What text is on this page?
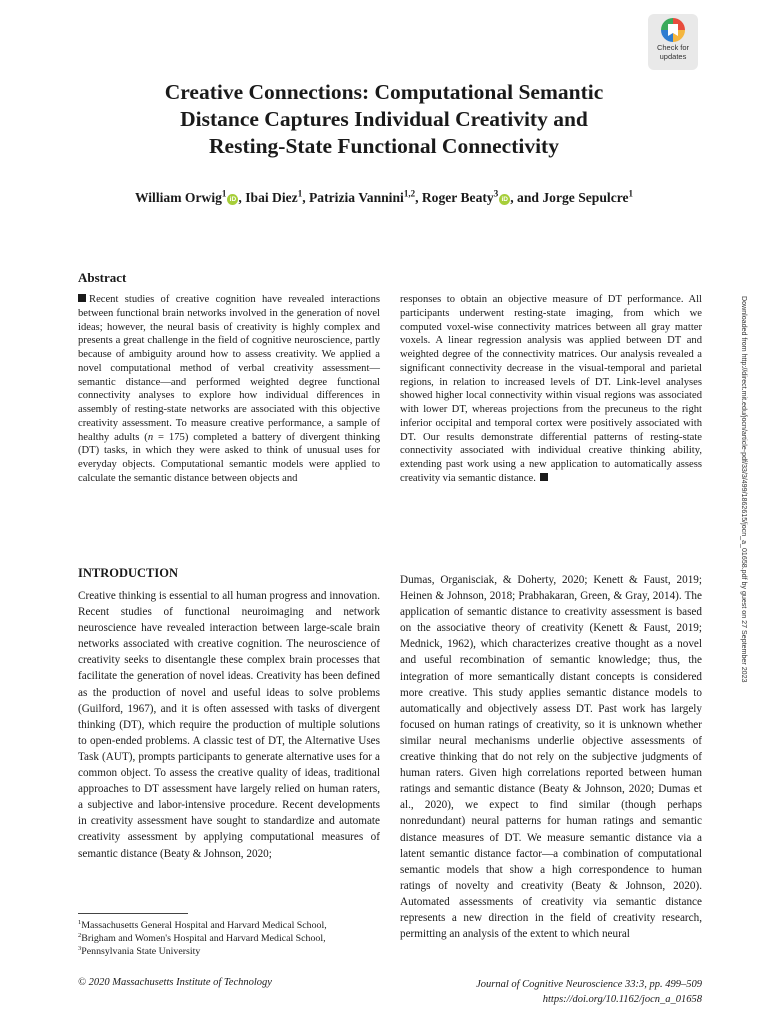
Check for
updates
Downloaded from http://direct.mit.edu/jocn/article-pdf/33/3/499/1862615/jocn_a_01658.pdf by guest on 27 September 2023
Creative Connections: Computational Semantic
Distance Captures Individual Creativity and
Resting-State Functional Connectivity
William Orwig$^1$iD , Ibai Diez$^1$, Patrizia Vannini$^{1,2}$, Roger Beaty$^3$iD , and Jorge Sepulcre$^1$
Abstract
Recent studies of creative cognition have revealed interactions between functional brain networks involved in the generation of novel ideas; however, the neural basis of creativity is highly complex and presents a great challenge in the field of cognitive neuroscience, partly because of ambiguity around how to assess creativity. We applied a novel computational method of verbal creativity assessment—semantic distance—and performed weighted degree functional connectivity analyses to explore how individual differences in assembly of resting-state networks are associated with this objective creativity assessment. To measure creative performance, a sample of healthy adults (n = 175) completed a battery of divergent thinking (DT) tasks, in which they were asked to think of unusual uses for everyday objects. Computational semantic models were applied to calculate the semantic distance between objects and
responses to obtain an objective measure of DT performance. All participants underwent resting-state imaging, from which we computed voxel-wise connectivity matrices between all gray matter voxels. A linear regression analysis was applied between DT and weighted degree of the connectivity matrices. Our analysis revealed a significant connectivity decrease in the visual-temporal and parietal regions, in relation to increased levels of DT. Link-level analyses showed higher local connectivity within visual regions was associated with lower DT, whereas projections from the precuneus to the right inferior occipital and temporal cortex were positively associated with DT. Our results demonstrate differential patterns of resting-state connectivity associated with individual creative thinking ability, extending past work using a new application to automatically assess creativity via semantic distance.
INTRODUCTION
Creative thinking is essential to all human progress and innovation. Recent studies of functional neuroimaging and network neuroscience have revealed interaction between large-scale brain networks associated with creative cognition. The neuroscience of creativity seeks to disentangle these complex brain processes that facilitate the generation of novel ideas. Creativity has been defined as the production of novel and useful ideas to solve problems (Guilford, 1967), and it is often assessed with tasks of divergent thinking (DT), which require the production of multiple solutions to open-ended problems. A classic test of DT, the Alternative Uses Task (AUT), prompts participants to generate alternative uses for a common object. To assess the creative quality of ideas, traditional approaches to DT assessment have largely relied on human raters, a subjective and labor-intensive procedure. Recent developments in creativity assessment have sought to standardize and automate creativity assessment by applying computational measures of semantic distance (Beaty & Johnson, 2020;
Dumas, Organisciak, & Doherty, 2020; Kenett & Faust, 2019; Heinen & Johnson, 2018; Prabhakaran, Green, & Gray, 2014). The application of semantic distance to creativity assessment is based on the associative theory of creativity (Kenett & Faust, 2019; Mednick, 1962), which characterizes creative thought as a novel and useful recombination of semantic knowledge; thus, the integration of more semantically distant concepts is considered more creative. This study applies semantic distance models to automatically and objectively assess DT. Past work has largely focused on human ratings of creativity, so it is unknown whether similar neural mechanisms underlie objective assessments of creative thinking that do not rely on the subjective judgments of human raters. Given high correlations reported between human ratings and semantic distance (Beaty & Johnson, 2020; Dumas et al., 2020), we expect to find similar (though perhaps nonredundant) neural patterns for human ratings and semantic distance measures of DT. We measure semantic distance via a latent semantic distance factor—a combination of computational semantic models that show a high correspondence to human ratings of novelty and creativity (Beaty & Johnson, 2020). Automated assessments of creativity via semantic distance represents a new direction in the field of creativity research, permitting an analysis of the extent to which neural
$^1$Massachusetts General Hospital and Harvard Medical School,
$^2$Brigham and Women's Hospital and Harvard Medical School,
$^3$Pennsylvania State University
© 2020 Massachusetts Institute of Technology	Journal of Cognitive Neuroscience 33:3, pp. 499–509
https://doi.org/10.1162/jocn_a_01658
